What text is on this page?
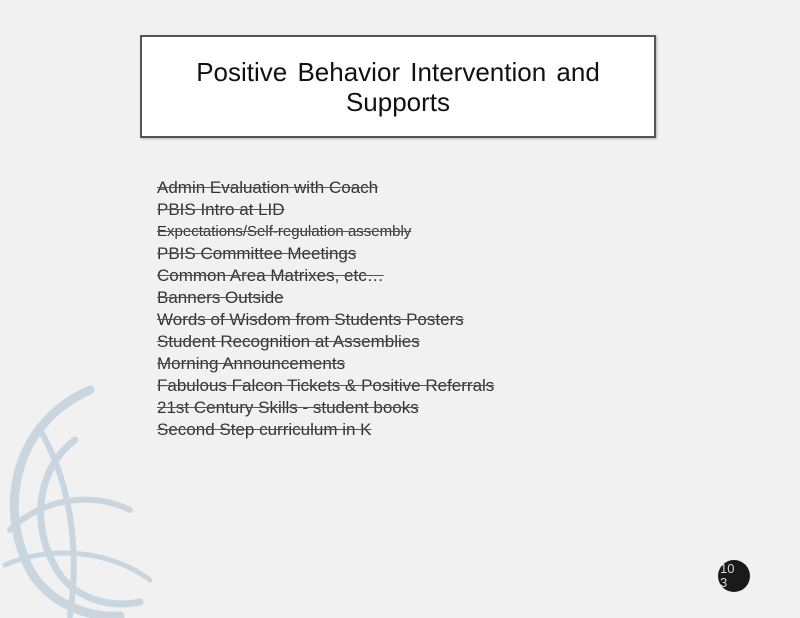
Positive Behavior Intervention and
Supports
Admin Evaluation with Coach
PBIS Intro at LID
Expectations/Self-regulation assembly
PBIS Committee Meetings
Common Area Matrixes, etc…
Banners Outside
Words of Wisdom from Students Posters
Student Recognition at Assemblies
Morning Announcements
Fabulous Falcon Tickets & Positive Referrals
21st Century Skills - student books
Second Step curriculum in K
10
3
